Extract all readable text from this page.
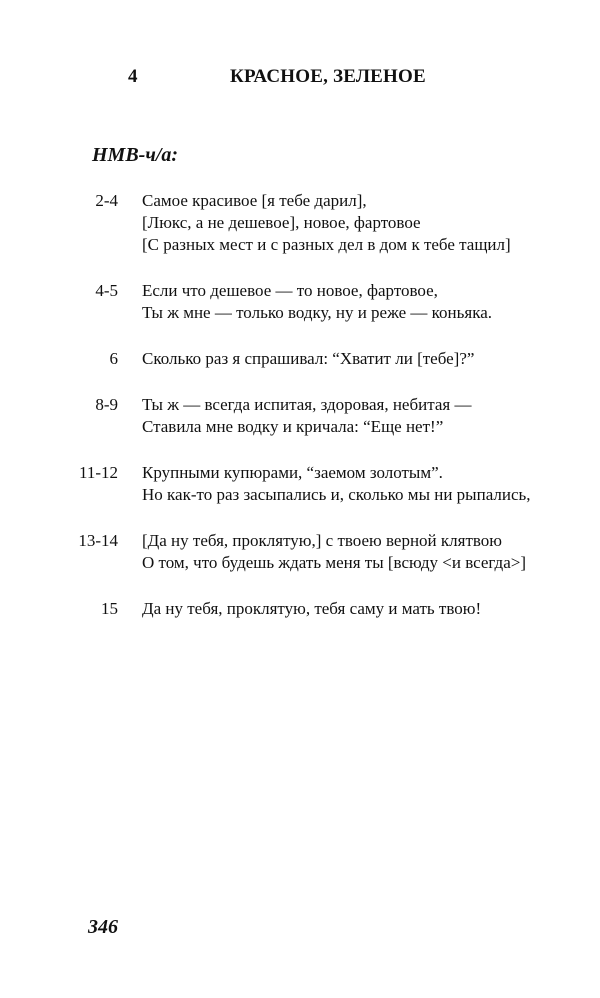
4	КРАСНОЕ, ЗЕЛЕНОЕ
НМВ-ч/а:
2-4 Самое красивое [я тебе дарил],
[Люкс, а не дешевое], новое, фартовое
[С разных мест и с разных дел в дом к тебе тащил]
4-5 Если что дешевое — то новое, фартовое,
Ты ж мне — только водку, ну и реже — коньяка.
6 Сколько раз я спрашивал: “Хватит ли [тебе]?”
8-9 Ты ж — всегда испитая, здоровая, небитая —
Ставила мне водку и кричала: “Еще нет!”
11-12 Крупными купюрами, “заемом золотым”.
Но как-то раз засыпались и, сколько мы ни рыпались,
13-14 [Да ну тебя, проклятую,] с твоею верной клятвою
О том, что будешь ждать меня ты [всюду <и всегда>]
15 Да ну тебя, проклятую, тебя саму и мать твою!
346
